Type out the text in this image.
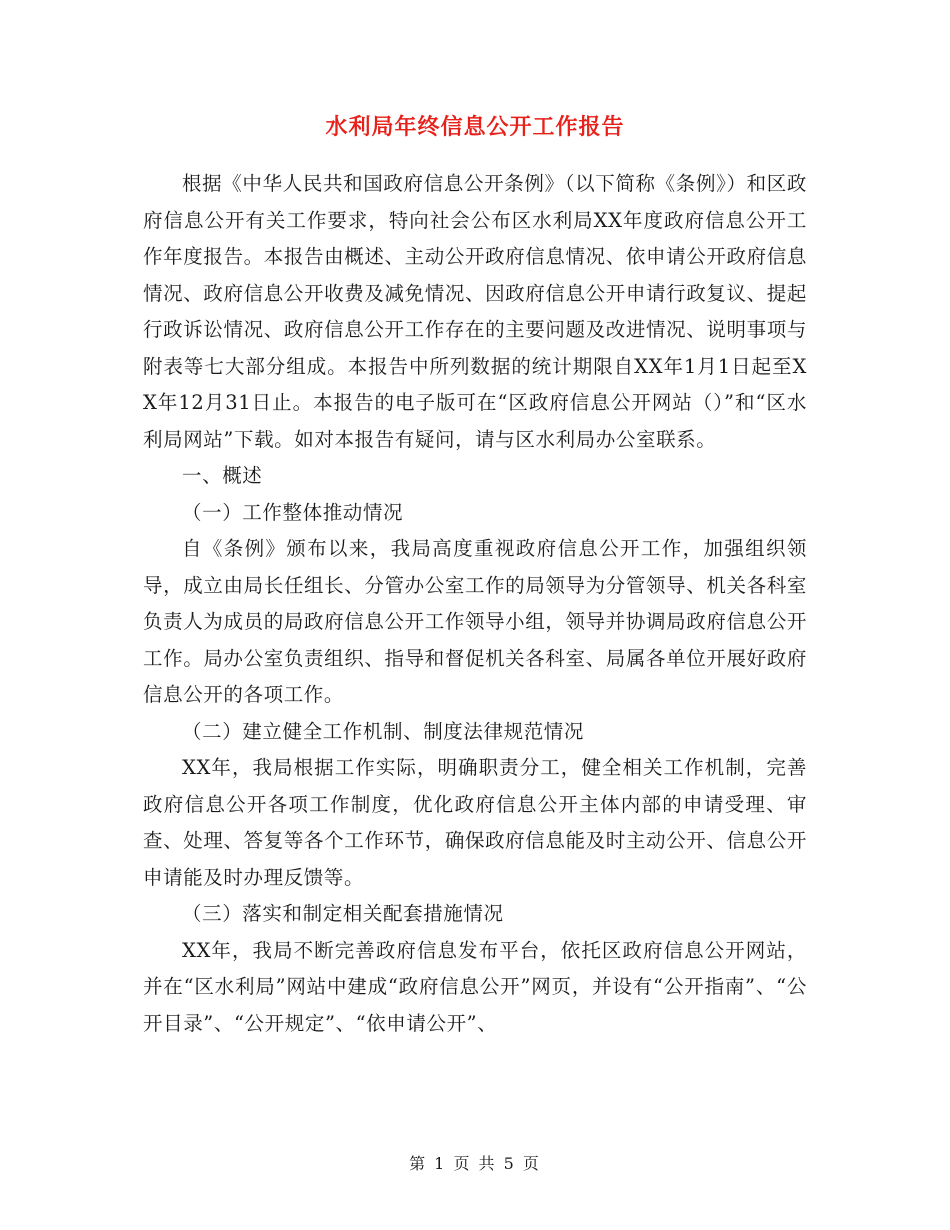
水利局年终信息公开工作报告

根据《中华人民共和国政府信息公开条例》（以下简称《条例》）和区政府信息公开有关工作要求，特向社会公布区水利局XX年度政府信息公开工作年度报告。本报告由概述、主动公开政府信息情况、依申请公开政府信息情况、政府信息公开收费及减免情况、因政府信息公开申请行政复议、提起行政诉讼情况、政府信息公开工作存在的主要问题及改进情况、说明事项与附表等七大部分组成。本报告中所列数据的统计期限自XX年1月1日起至XX年12月31日止。本报告的电子版可在“区政府信息公开网站（）”和“区水利局网站”下载。如对本报告有疑问，请与区水利局办公室联系。

一、概述

（一）工作整体推动情况

自《条例》颁布以来，我局高度重视政府信息公开工作，加强组织领导，成立由局长任组长、分管办公室工作的局领导为分管领导、机关各科室负责人为成员的局政府信息公开工作领导小组，领导并协调局政府信息公开工作。局办公室负责组织、指导和督促机关各科室、局属各单位开展好政府信息公开的各项工作。

（二）建立健全工作机制、制度法律规范情况

XX年，我局根据工作实际，明确职责分工，健全相关工作机制，完善政府信息公开各项工作制度，优化政府信息公开主体内部的申请受理、审查、处理、答复等各个工作环节，确保政府信息能及时主动公开、信息公开申请能及时办理反馈等。

（三）落实和制定相关配套措施情况

XX年，我局不断完善政府信息发布平台，依托区政府信息公开网站，并在“区水利局”网站中建成“政府信息公开”网页，并设有“公开指南”、“公开目录”、“公开规定”、“依申请公开”、

第 1 页 共 5 页
